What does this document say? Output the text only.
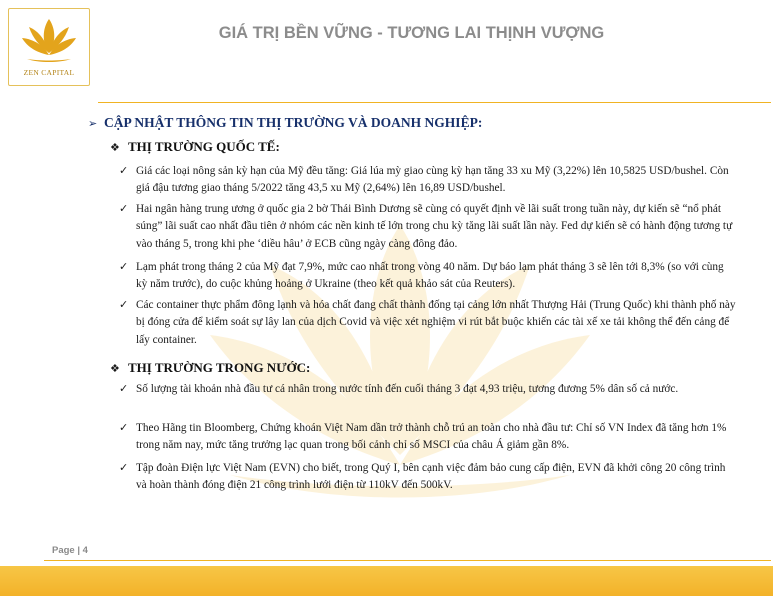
ZEN CAPITAL
GIÁ TRỊ BỀN VỮNG - TƯƠNG LAI THỊNH VƯỢNG
➢ CẬP NHẬT THÔNG TIN THỊ TRƯỜNG VÀ DOANH NGHIỆP:
❖ THỊ TRƯỜNG QUỐC TẾ:
✓ Giá các loại nông sản kỳ hạn của Mỹ đều tăng: Giá lúa mỳ giao cùng kỳ hạn tăng 33 xu Mỹ (3,22%) lên 10,5825 USD/bushel. Còn giá đậu tương giao tháng 5/2022 tăng 43,5 xu Mỹ (2,64%) lên 16,89 USD/bushel.
✓ Hai ngân hàng trung ương ở quốc gia 2 bờ Thái Bình Dương sẽ cùng có quyết định về lãi suất trong tuần này, dự kiến sẽ “nổ phát súng” lãi suất cao nhất đầu tiên ở nhóm các nền kinh tế lớn trong chu kỳ tăng lãi suất lần này. Fed dự kiến sẽ có hành động tương tự vào tháng 5, trong khi phe ‘diều hâu’ ở ECB cũng ngày càng đông đảo.
✓ Lạm phát trong tháng 2 của Mỹ đạt 7,9%, mức cao nhất trong vòng 40 năm. Dự báo lạm phát tháng 3 sẽ lên tới 8,3% (so với cùng kỳ năm trước), do cuộc khủng hoảng ở Ukraine (theo kết quả khảo sát của Reuters).
✓ Các container thực phẩm đông lạnh và hóa chất đang chất thành đống tại cảng lớn nhất Thượng Hải (Trung Quốc) khi thành phố này bị đóng cửa để kiểm soát sự lây lan của dịch Covid và việc xét nghiệm vi rút bắt buộc khiến các tài xế xe tải không thể đến cảng để lấy container.
❖ THỊ TRƯỜNG TRONG NƯỚC:
✓ Số lượng tài khoản nhà đầu tư cá nhân trong nước tính đến cuối tháng 3 đạt 4,93 triệu, tương đương 5% dân số cả nước.
✓ Theo Hãng tin Bloomberg, Chứng khoán Việt Nam dần trở thành chỗ trú an toàn cho nhà đầu tư: Chỉ số VN Index đã tăng hơn 1% trong năm nay, mức tăng trưởng lạc quan trong bối cảnh chỉ số MSCI của châu Á giảm gần 8%.
✓ Tập đoàn Điện lực Việt Nam (EVN) cho biết, trong Quý I, bên cạnh việc đảm bảo cung cấp điện, EVN đã khởi công 20 công trình và hoàn thành đóng điện 21 công trình lưới điện từ 110kV đến 500kV.
Page | 4
